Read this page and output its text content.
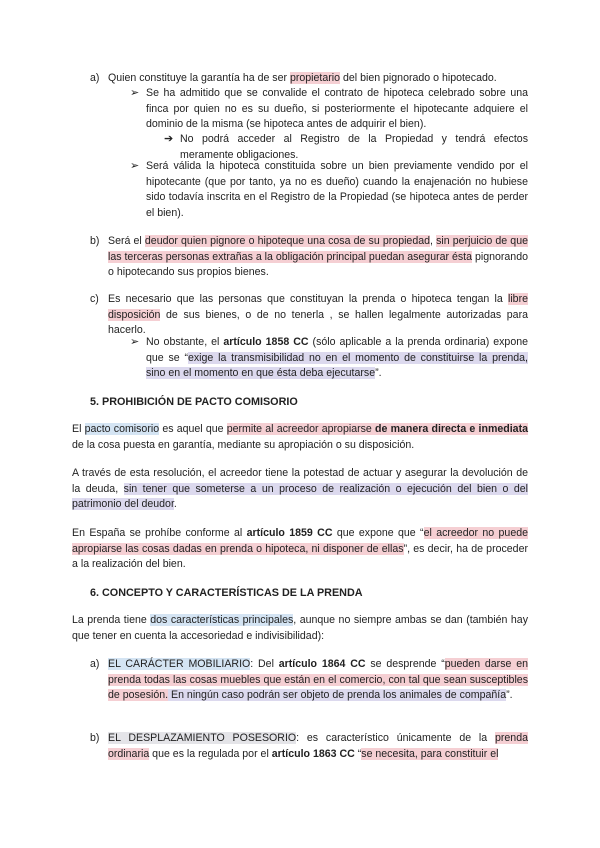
a) Quien constituye la garantía ha de ser propietario del bien pignorado o hipotecado.

➢ Se ha admitido que se convalide el contrato de hipoteca celebrado sobre una finca por quien no es su dueño, si posteriormente el hipotecante adquiere el dominio de la misma (se hipoteca antes de adquirir el bien).

➔ No podrá acceder al Registro de la Propiedad y tendrá efectos meramente obligaciones.

➢ Será válida la hipoteca constituida sobre un bien previamente vendido por el hipotecante (que por tanto, ya no es dueño) cuando la enajenación no hubiese sido todavía inscrita en el Registro de la Propiedad (se hipoteca antes de perder el bien).

b) Será el deudor quien pignore o hipoteque una cosa de su propiedad, sin perjuicio de que las terceras personas extrañas a la obligación principal puedan asegurar ésta pignorando o hipotecando sus propios bienes.

c) Es necesario que las personas que constituyan la prenda o hipoteca tengan la libre disposición de sus bienes, o de no tenerla , se hallen legalmente autorizadas para hacerlo.

➢ No obstante, el artículo 1858 CC (sólo aplicable a la prenda ordinaria) expone que se “exige la transmisibilidad no en el momento de constituirse la prenda, sino en el momento en que ésta deba ejecutarse”.

5. PROHIBICIÓN DE PACTO COMISORIO

El pacto comisorio es aquel que permite al acreedor apropiarse de manera directa e inmediata de la cosa puesta en garantía, mediante su apropiación o su disposición.

A través de esta resolución, el acreedor tiene la potestad de actuar y asegurar la devolución de la deuda, sin tener que someterse a un proceso de realización o ejecución del bien o del patrimonio del deudor.

En España se prohíbe conforme al artículo 1859 CC que expone que “el acreedor no puede apropiarse las cosas dadas en prenda o hipoteca, ni disponer de ellas”, es decir, ha de proceder a la realización del bien.

6. CONCEPTO Y CARACTERÍSTICAS DE LA PRENDA

La prenda tiene dos características principales, aunque no siempre ambas se dan (también hay que tener en cuenta la accesoriedad e indivisibilidad):

a) EL CARÁCTER MOBILIARIO: Del artículo 1864 CC se desprende “pueden darse en prenda todas las cosas muebles que están en el comercio, con tal que sean susceptibles de posesión. En ningún caso podrán ser objeto de prenda los animales de compañía”.

b) EL DESPLAZAMIENTO POSESORIO: es característico únicamente de la prenda ordinaria que es la regulada por el artículo 1863 CC “se necesita, para constituir el
